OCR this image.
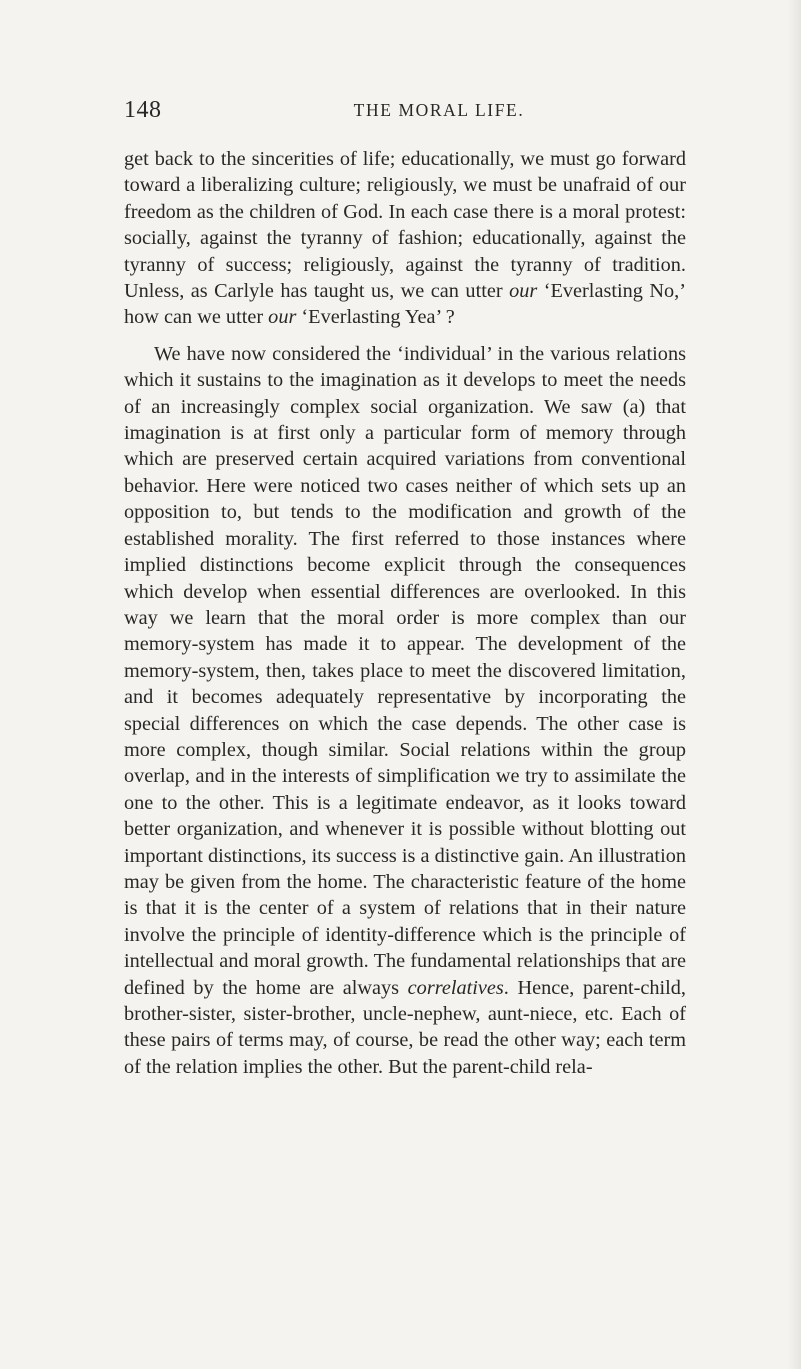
148	THE MORAL LIFE.

get back to the sincerities of life; educationally, we must go forward toward a liberalizing culture; religiously, we must be unafraid of our freedom as the children of God. In each case there is a moral protest: socially, against the tyranny of fashion; educationally, against the tyranny of success; religiously, against the tyranny of tradition. Unless, as Carlyle has taught us, we can utter our ‘Everlasting No,’ how can we utter our ‘Everlasting Yea’ ?

We have now considered the ‘individual’ in the various relations which it sustains to the imagination as it develops to meet the needs of an increasingly complex social organization. We saw (a) that imagination is at first only a particular form of memory through which are preserved certain acquired variations from conventional behavior. Here were noticed two cases neither of which sets up an opposition to, but tends to the modification and growth of the established morality. The first referred to those instances where implied distinctions become explicit through the consequences which develop when essential differences are overlooked. In this way we learn that the moral order is more complex than our memory-system has made it to appear. The development of the memory-system, then, takes place to meet the discovered limitation, and it becomes adequately representative by incorporating the special differences on which the case depends. The other case is more complex, though similar. Social relations within the group overlap, and in the interests of simplification we try to assimilate the one to the other. This is a legitimate endeavor, as it looks toward better organization, and whenever it is possible without blotting out important distinctions, its success is a distinctive gain. An illustration may be given from the home. The characteristic feature of the home is that it is the center of a system of relations that in their nature involve the principle of identity-difference which is the principle of intellectual and moral growth. The fundamental relationships that are defined by the home are always correlatives. Hence, parent-child, brother-sister, sister-brother, uncle-nephew, aunt-niece, etc. Each of these pairs of terms may, of course, be read the other way; each term of the relation implies the other. But the parent-child rela-
